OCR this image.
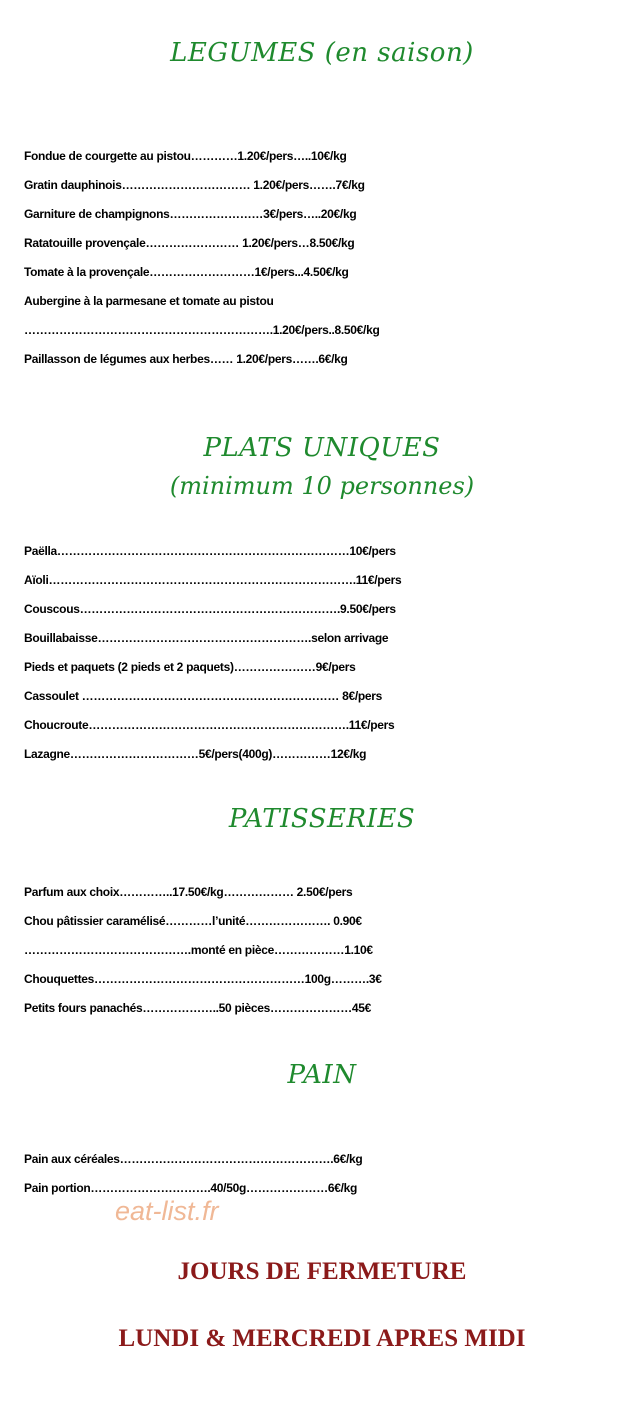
LEGUMES (en saison)
Fondue de courgette au pistou…………1.20€/pers…..10€/kg
Gratin dauphinois…………………………… 1.20€/pers…….7€/kg
Garniture de champignons……………………3€/pers…..20€/kg
Ratatouille provençale…………………… 1.20€/pers…8.50€/kg
Tomate à la provençale………………………1€/pers...4.50€/kg
Aubergine à la parmesane et tomate au pistou
……………………………………………………….1.20€/pers..8.50€/kg
Paillasson de légumes aux herbes…… 1.20€/pers…….6€/kg
PLATS UNIQUES
(minimum 10 personnes)
Paëlla…………………………………………………………………10€/pers
Aïoli…………………………………………………………………….11€/pers
Couscous………………………………………………………….9.50€/pers
Bouillabaisse……………………………………………….selon arrivage
Pieds et paquets (2 pieds et 2 paquets)…………………9€/pers
Cassoulet ………………………………………………………… 8€/pers
Choucroute………………………………………………………….11€/pers
Lazagne……………………………5€/pers(400g)……………12€/kg
PATISSERIES
Parfum aux choix…………..17.50€/kg……………… 2.50€/pers
Chou pâtissier caramélisé…………l’unité…………………. 0.90€
…………………………………….monté en pièce………………1.10€
Chouquettes………………………………………………100g……….3€
Petits fours panachés………………..50 pièces…………………45€
PAIN
Pain aux céréales……………………………………………….6€/kg
Pain portion………………………….40/50g…………………6€/kg
eat-list.fr
JOURS DE FERMETURE
LUNDI & MERCREDI APRES MIDI
